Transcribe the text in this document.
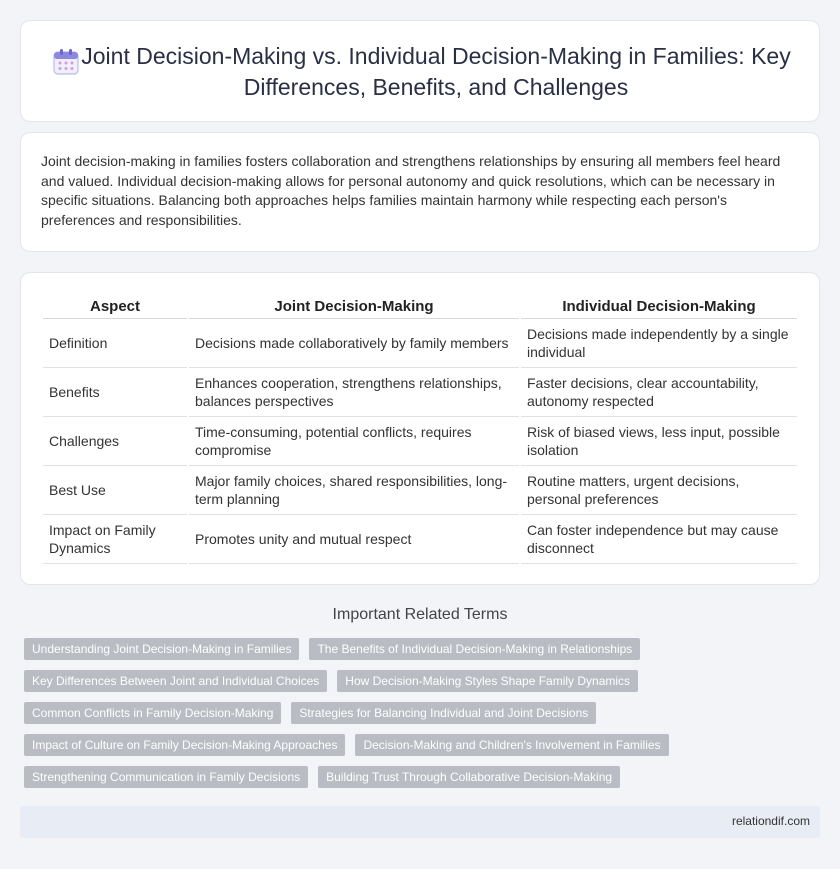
Joint Decision-Making vs. Individual Decision-Making in Families: Key Differences, Benefits, and Challenges

Joint decision-making in families fosters collaboration and strengthens relationships by ensuring all members feel heard and valued. Individual decision-making allows for personal autonomy and quick resolutions, which can be necessary in specific situations. Balancing both approaches helps families maintain harmony while respecting each person's preferences and responsibilities.

Aspect	Joint Decision-Making	Individual Decision-Making
Definition	Decisions made collaboratively by family members	Decisions made independently by a single individual
Benefits	Enhances cooperation, strengthens relationships, balances perspectives	Faster decisions, clear accountability, autonomy respected
Challenges	Time-consuming, potential conflicts, requires compromise	Risk of biased views, less input, possible isolation
Best Use	Major family choices, shared responsibilities, long-term planning	Routine matters, urgent decisions, personal preferences
Impact on Family Dynamics	Promotes unity and mutual respect	Can foster independence but may cause disconnect
Important Related Terms
Understanding Joint Decision-Making in Families	The Benefits of Individual Decision-Making in Relationships
Key Differences Between Joint and Individual Choices	How Decision-Making Styles Shape Family Dynamics
Common Conflicts in Family Decision-Making	Strategies for Balancing Individual and Joint Decisions
Impact of Culture on Family Decision-Making Approaches	Decision-Making and Children's Involvement in Families
Strengthening Communication in Family Decisions	Building Trust Through Collaborative Decision-Making
relationdif.com
